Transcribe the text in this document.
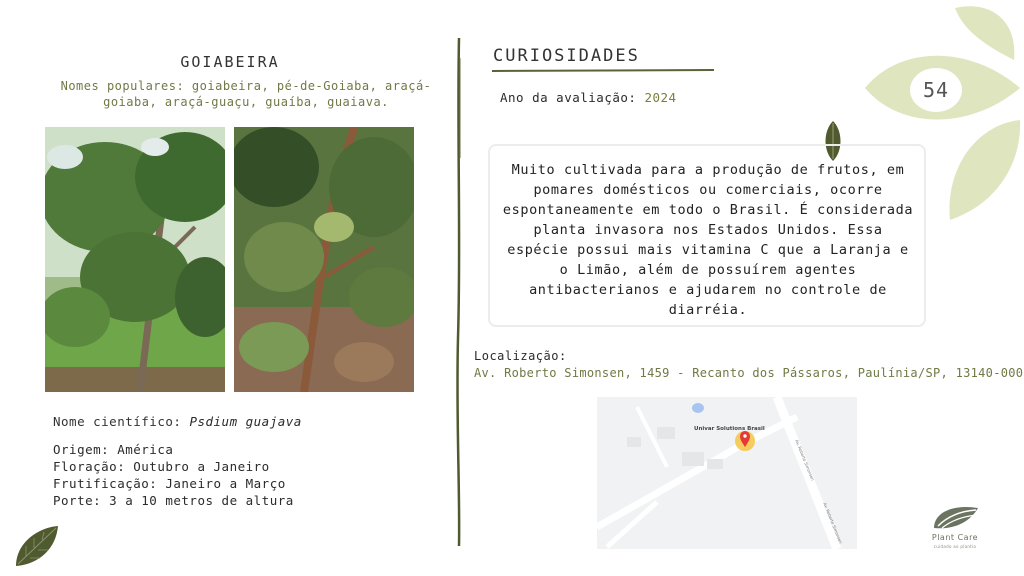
GOIABEIRA
Nomes populares: goiabeira, pé-de-Goiaba, araçá-goiaba, araçá-guaçu, guaíba, guaiava.
Nome científico: Psdium guajava
Origem: América
Floração: Outubro a Janeiro
Frutificação: Janeiro a Março
Porte: 3 a 10 metros de altura
CURIOSIDADES
Ano da avaliação: 2024
Muito cultivada para a produção de frutos, em pomares domésticos ou comerciais, ocorre espontaneamente em todo o Brasil. É considerada planta invasora nos Estados Unidos. Essa espécie possui mais vitamina C que a Laranja e o Limão, além de possuírem agentes antibacterianos e ajudarem no controle de diarréia.
Localização:
Av. Roberto Simonsen, 1459 - Recanto dos Pássaros, Paulínia/SP, 13140-000
Univar Solutions Brasil
Av. Roberto Simonsen
Av. Roberto Simonsen
54
Plant Care
cuidado ao plantio
